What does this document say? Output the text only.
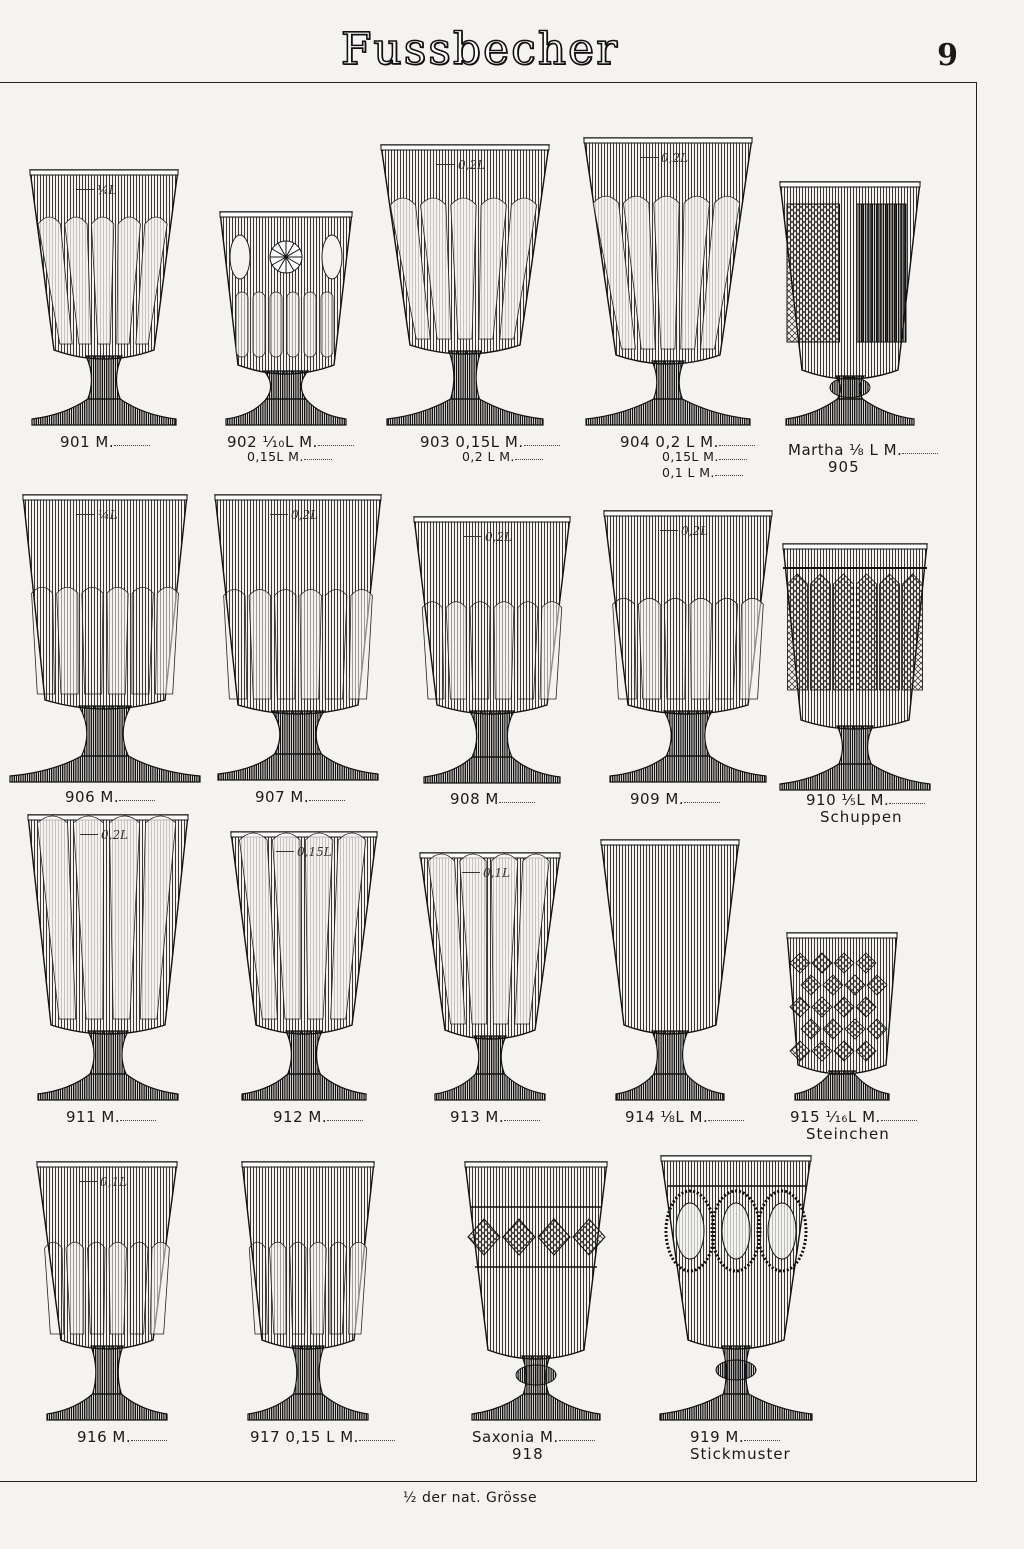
Fussbecher	9
¼L
901 M.	902 ¹⁄₁₀L M.
0,15L M.
0,2L
903 0,15L M.
0,2 L M.
0,2L
904 0,2 L M.
0,15L M.
0,1 L M.
Martha ⅛ L M.
905
¼L
906 M.
0,2L
907 M.
0,2L
908 M
0,2L
909 M.	910 ⅕L M.
Schuppen
0,2L
911 M.
0,15L
912 M.
0,1L
913 M.	914 ⅛L M.	915 ¹⁄₁₆L M.
Steinchen
0,1L
916 M.	917 0,15 L M.	Saxonia M.
918
919 M.
Stickmuster
½ der nat. Grösse
